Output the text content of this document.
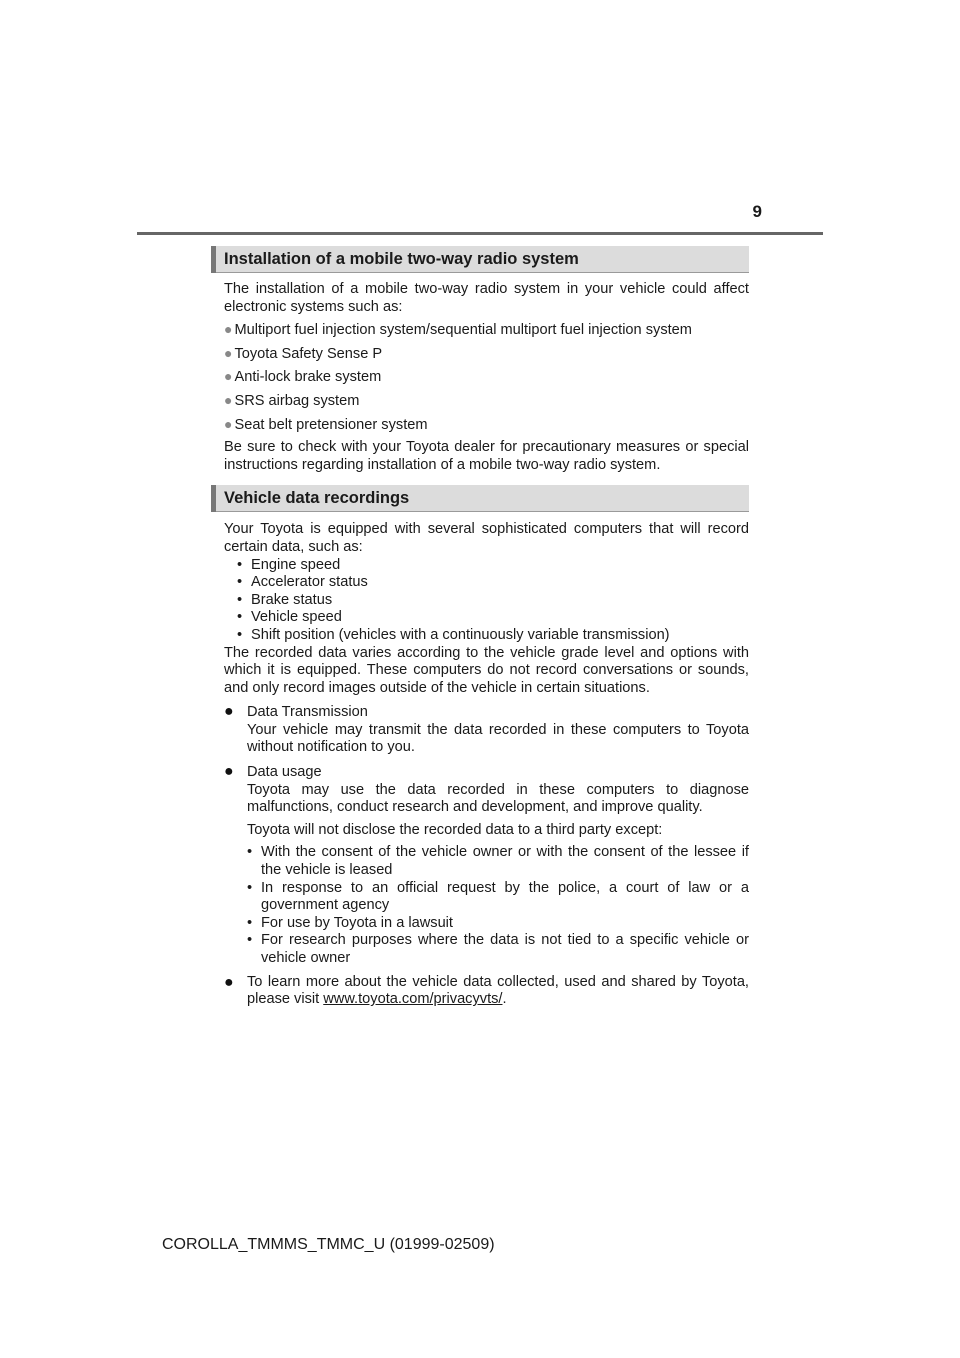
9
Installation of a mobile two-way radio system

The installation of a mobile two-way radio system in your vehicle could affect electronic systems such as:

● Multiport fuel injection system/sequential multiport fuel injection system
● Toyota Safety Sense P
● Anti-lock brake system
● SRS airbag system
● Seat belt pretensioner system

Be sure to check with your Toyota dealer for precautionary measures or special instructions regarding installation of a mobile two-way radio system.

Vehicle data recordings

Your Toyota is equipped with several sophisticated computers that will record certain data, such as:

• Engine speed
• Accelerator status
• Brake status
• Vehicle speed
• Shift position (vehicles with a continuously variable transmission)

The recorded data varies according to the vehicle grade level and options with which it is equipped. These computers do not record conversations or sounds, and only record images outside of the vehicle in certain situations.

● Data Transmission
Your vehicle may transmit the data recorded in these computers to Toyota without notification to you.
● Data usage
Toyota may use the data recorded in these computers to diagnose malfunctions, conduct research and development, and improve quality.
Toyota will not disclose the recorded data to a third party except:
• With the consent of the vehicle owner or with the consent of the lessee if the vehicle is leased
• In response to an official request by the police, a court of law or a government agency
• For use by Toyota in a lawsuit
• For research purposes where the data is not tied to a specific vehicle or vehicle owner
● To learn more about the vehicle data collected, used and shared by Toyota, please visit www.toyota.com/privacyvts/.
COROLLA_TMMMS_TMMC_U (01999-02509)
